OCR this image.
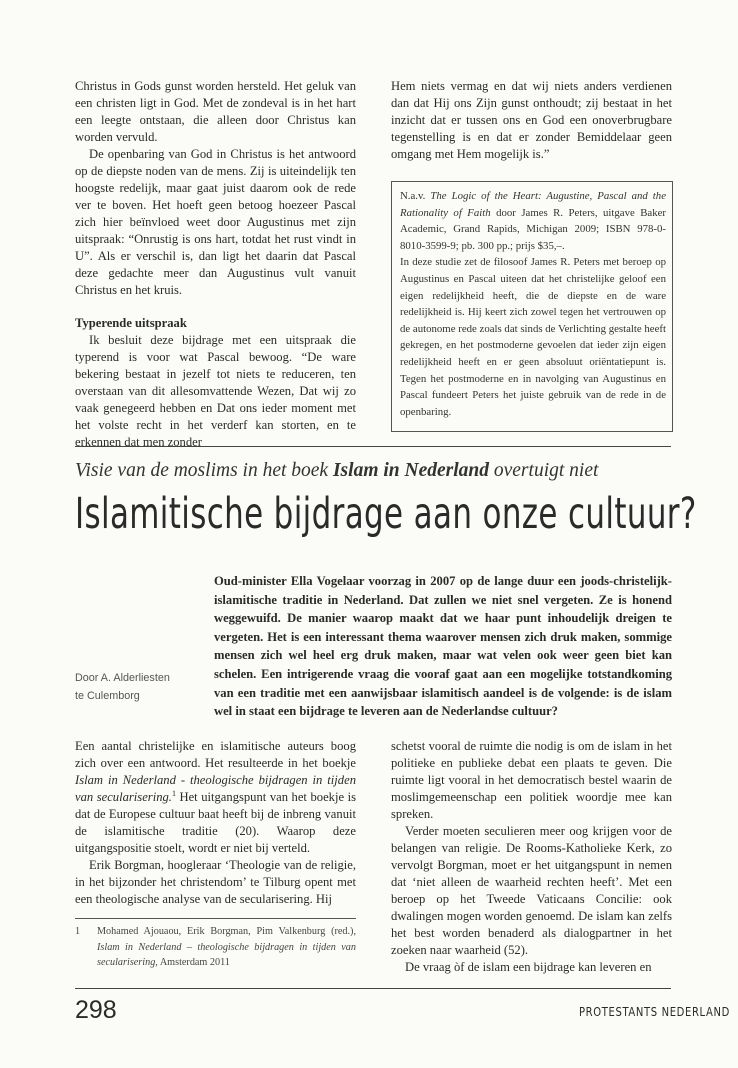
Christus in Gods gunst worden hersteld. Het geluk van een christen ligt in God. Met de zondeval is in het hart een leegte ontstaan, die alleen door Christus kan worden vervuld.

De openbaring van God in Christus is het antwoord op de diepste noden van de mens. Zij is uiteindelijk ten hoogste redelijk, maar gaat juist daarom ook de rede ver te boven. Het hoeft geen betoog hoezeer Pascal zich hier beïnvloed weet door Augustinus met zijn uitspraak: “Onrustig is ons hart, totdat het rust vindt in U”. Als er verschil is, dan ligt het daarin dat Pascal deze gedachte meer dan Augustinus vult vanuit Christus en het kruis.

Typerende uitspraak

Ik besluit deze bijdrage met een uitspraak die typerend is voor wat Pascal bewoog. “De ware bekering bestaat in jezelf tot niets te reduceren, ten overstaan van dit allesomvattende Wezen, Dat wij zo vaak genegeerd hebben en Dat ons ieder moment met het volste recht in het verderf kan storten, en te erkennen dat men zonder

Hem niets vermag en dat wij niets anders verdienen dan dat Hij ons Zijn gunst onthoudt; zij bestaat in het inzicht dat er tussen ons en God een onoverbrugbare tegenstelling is en dat er zonder Bemiddelaar geen omgang met Hem mogelijk is.”

N.a.v. The Logic of the Heart: Augustine, Pascal and the Rationality of Faith door James R. Peters, uitgave Baker Academic, Grand Rapids, Michigan 2009; ISBN 978-0-8010-3599-9; pb. 300 pp.; prijs $35,–.

In deze studie zet de filosoof James R. Peters met beroep op Augustinus en Pascal uiteen dat het christelijke geloof een eigen redelijkheid heeft, die de diepste en de ware redelijkheid is. Hij keert zich zowel tegen het vertrouwen op de autonome rede zoals dat sinds de Verlichting gestalte heeft gekregen, en het postmoderne gevoelen dat ieder zijn eigen redelijkheid heeft en er geen absoluut oriëntatiepunt is. Tegen het postmoderne en in navolging van Augustinus en Pascal fundeert Peters het juiste gebruik van de rede in de openbaring.

Visie van de moslims in het boek Islam in Nederland overtuigt niet
Islamitische bijdrage aan onze cultuur?
Oud-minister Ella Vogelaar voorzag in 2007 op de lange duur een joods-christelijk-islamitische traditie in Nederland. Dat zullen we niet snel vergeten. Ze is honend weggewuifd. De manier waarop maakt dat we haar punt inhoudelijk dreigen te vergeten. Het is een interessant thema waarover mensen zich druk maken, sommige mensen zich wel heel erg druk maken, maar wat velen ook weer geen biet kan schelen. Een intrigerende vraag die vooraf gaat aan een mogelijke totstandkoming van een traditie met een aanwijsbaar islamitisch aandeel is de volgende: is de islam wel in staat een bijdrage te leveren aan de Nederlandse cultuur?
Door A. Alderliesten
te Culemborg

Een aantal christelijke en islamitische auteurs boog zich over een antwoord. Het resulteerde in het boekje Islam in Nederland - theologische bijdragen in tijden van secularisering.$^1$ Het uitgangspunt van het boekje is dat de Europese cultuur baat heeft bij de inbreng vanuit de islamitische traditie (20). Waarop deze uitgangspositie stoelt, wordt er niet bij verteld.

Erik Borgman, hoogleraar ‘Theologie van de religie, in het bijzonder het christendom’ te Tilburg opent met een theologische analyse van de secularisering. Hij

1 Mohamed Ajouaou, Erik Borgman, Pim Valkenburg (red.), Islam in Nederland – theologische bijdragen in tijden van secularisering, Amsterdam 2011

schetst vooral de ruimte die nodig is om de islam in het politieke en publieke debat een plaats te geven. Die ruimte ligt vooral in het democratisch bestel waarin de moslimgemeenschap een politiek woordje mee kan spreken.

Verder moeten seculieren meer oog krijgen voor de belangen van religie. De Rooms-Katholieke Kerk, zo vervolgt Borgman, moet er het uitgangspunt in nemen dat ‘niet alleen de waarheid rechten heeft’. Met een beroep op het Tweede Vaticaans Concilie: ook dwalingen mogen worden genoemd. De islam kan zelfs het best worden benaderd als dialogpartner in het zoeken naar waarheid (52).

De vraag òf de islam een bijdrage kan leveren en

298	PROTESTANTS NEDERLAND
